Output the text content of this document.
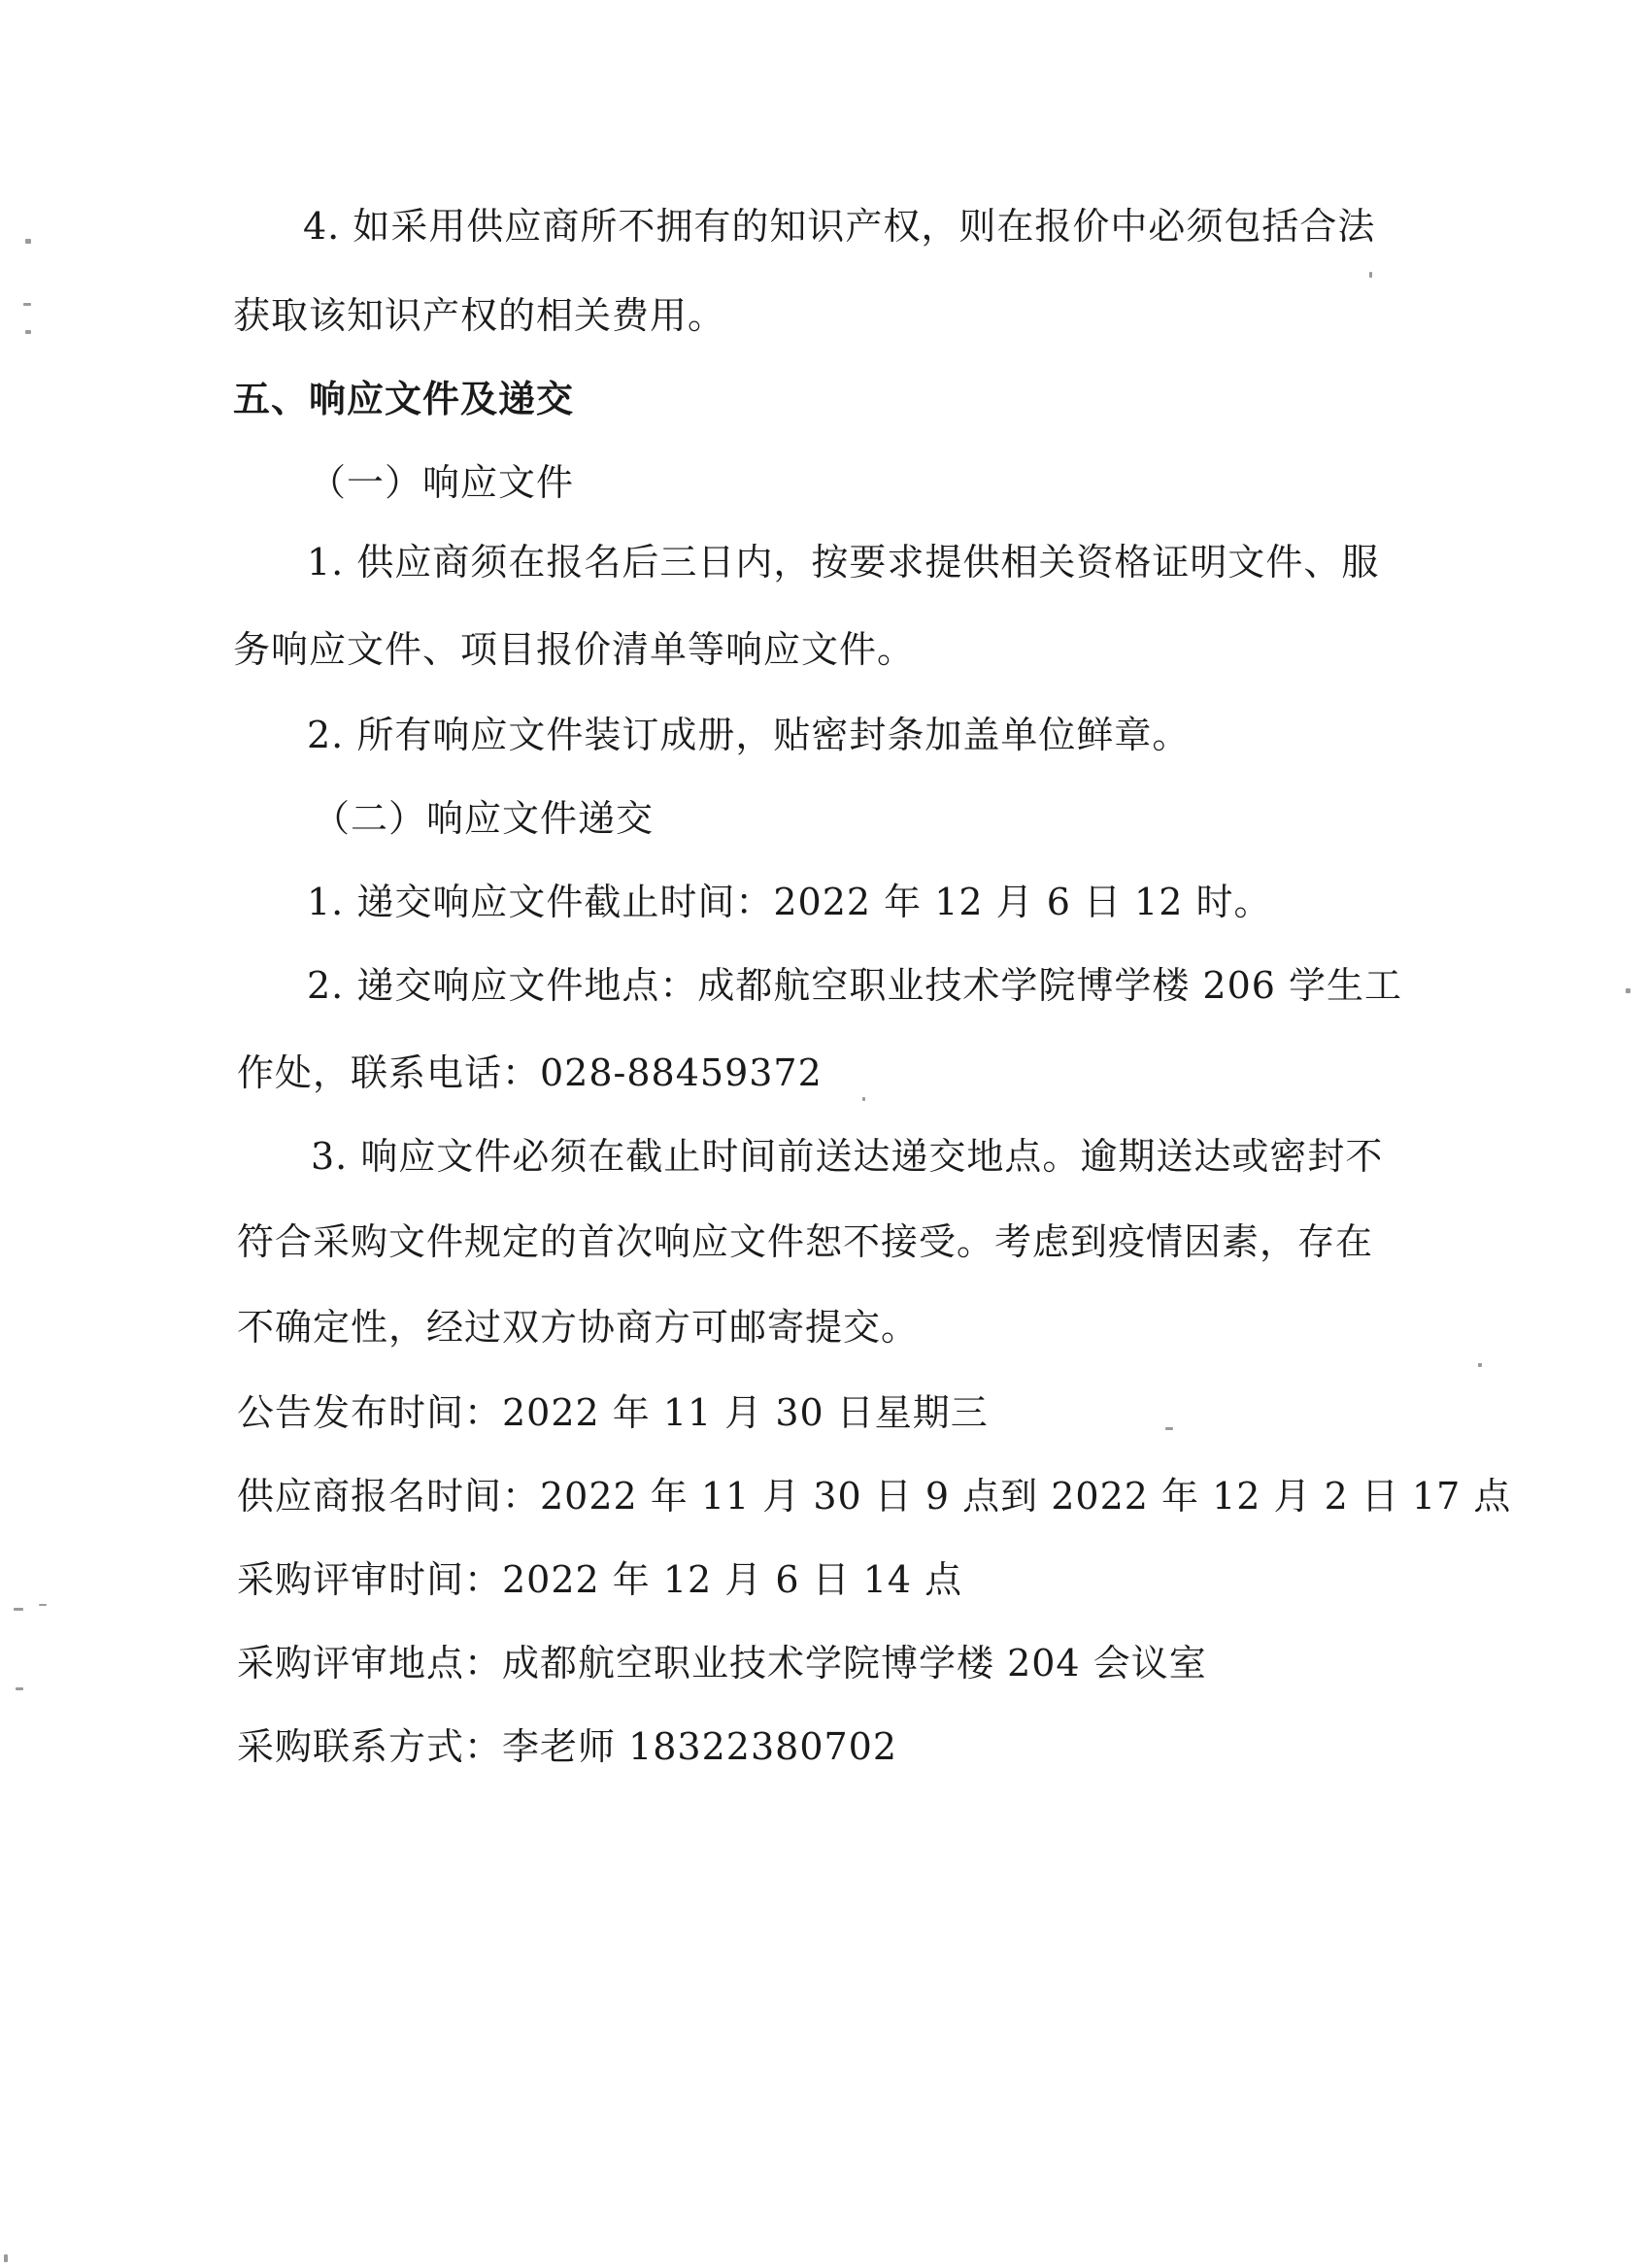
4. 如采用供应商所不拥有的知识产权，则在报价中必须包括合法
获取该知识产权的相关费用。
五、响应文件及递交
（一）响应文件
1. 供应商须在报名后三日内，按要求提供相关资格证明文件、服
务响应文件、项目报价清单等响应文件。
2. 所有响应文件装订成册，贴密封条加盖单位鲜章。
（二）响应文件递交
1. 递交响应文件截止时间：2022 年 12 月 6 日 12 时。
2. 递交响应文件地点：成都航空职业技术学院博学楼 206 学生工
作处，联系电话：028-88459372
3. 响应文件必须在截止时间前送达递交地点。逾期送达或密封不
符合采购文件规定的首次响应文件恕不接受。考虑到疫情因素，存在
不确定性，经过双方协商方可邮寄提交。
公告发布时间：2022 年 11 月 30 日星期三
供应商报名时间：2022 年 11 月 30 日 9 点到 2022 年 12 月 2 日 17 点
采购评审时间：2022 年 12 月 6 日 14 点
采购评审地点：成都航空职业技术学院博学楼 204 会议室
采购联系方式：李老师 18322380702
